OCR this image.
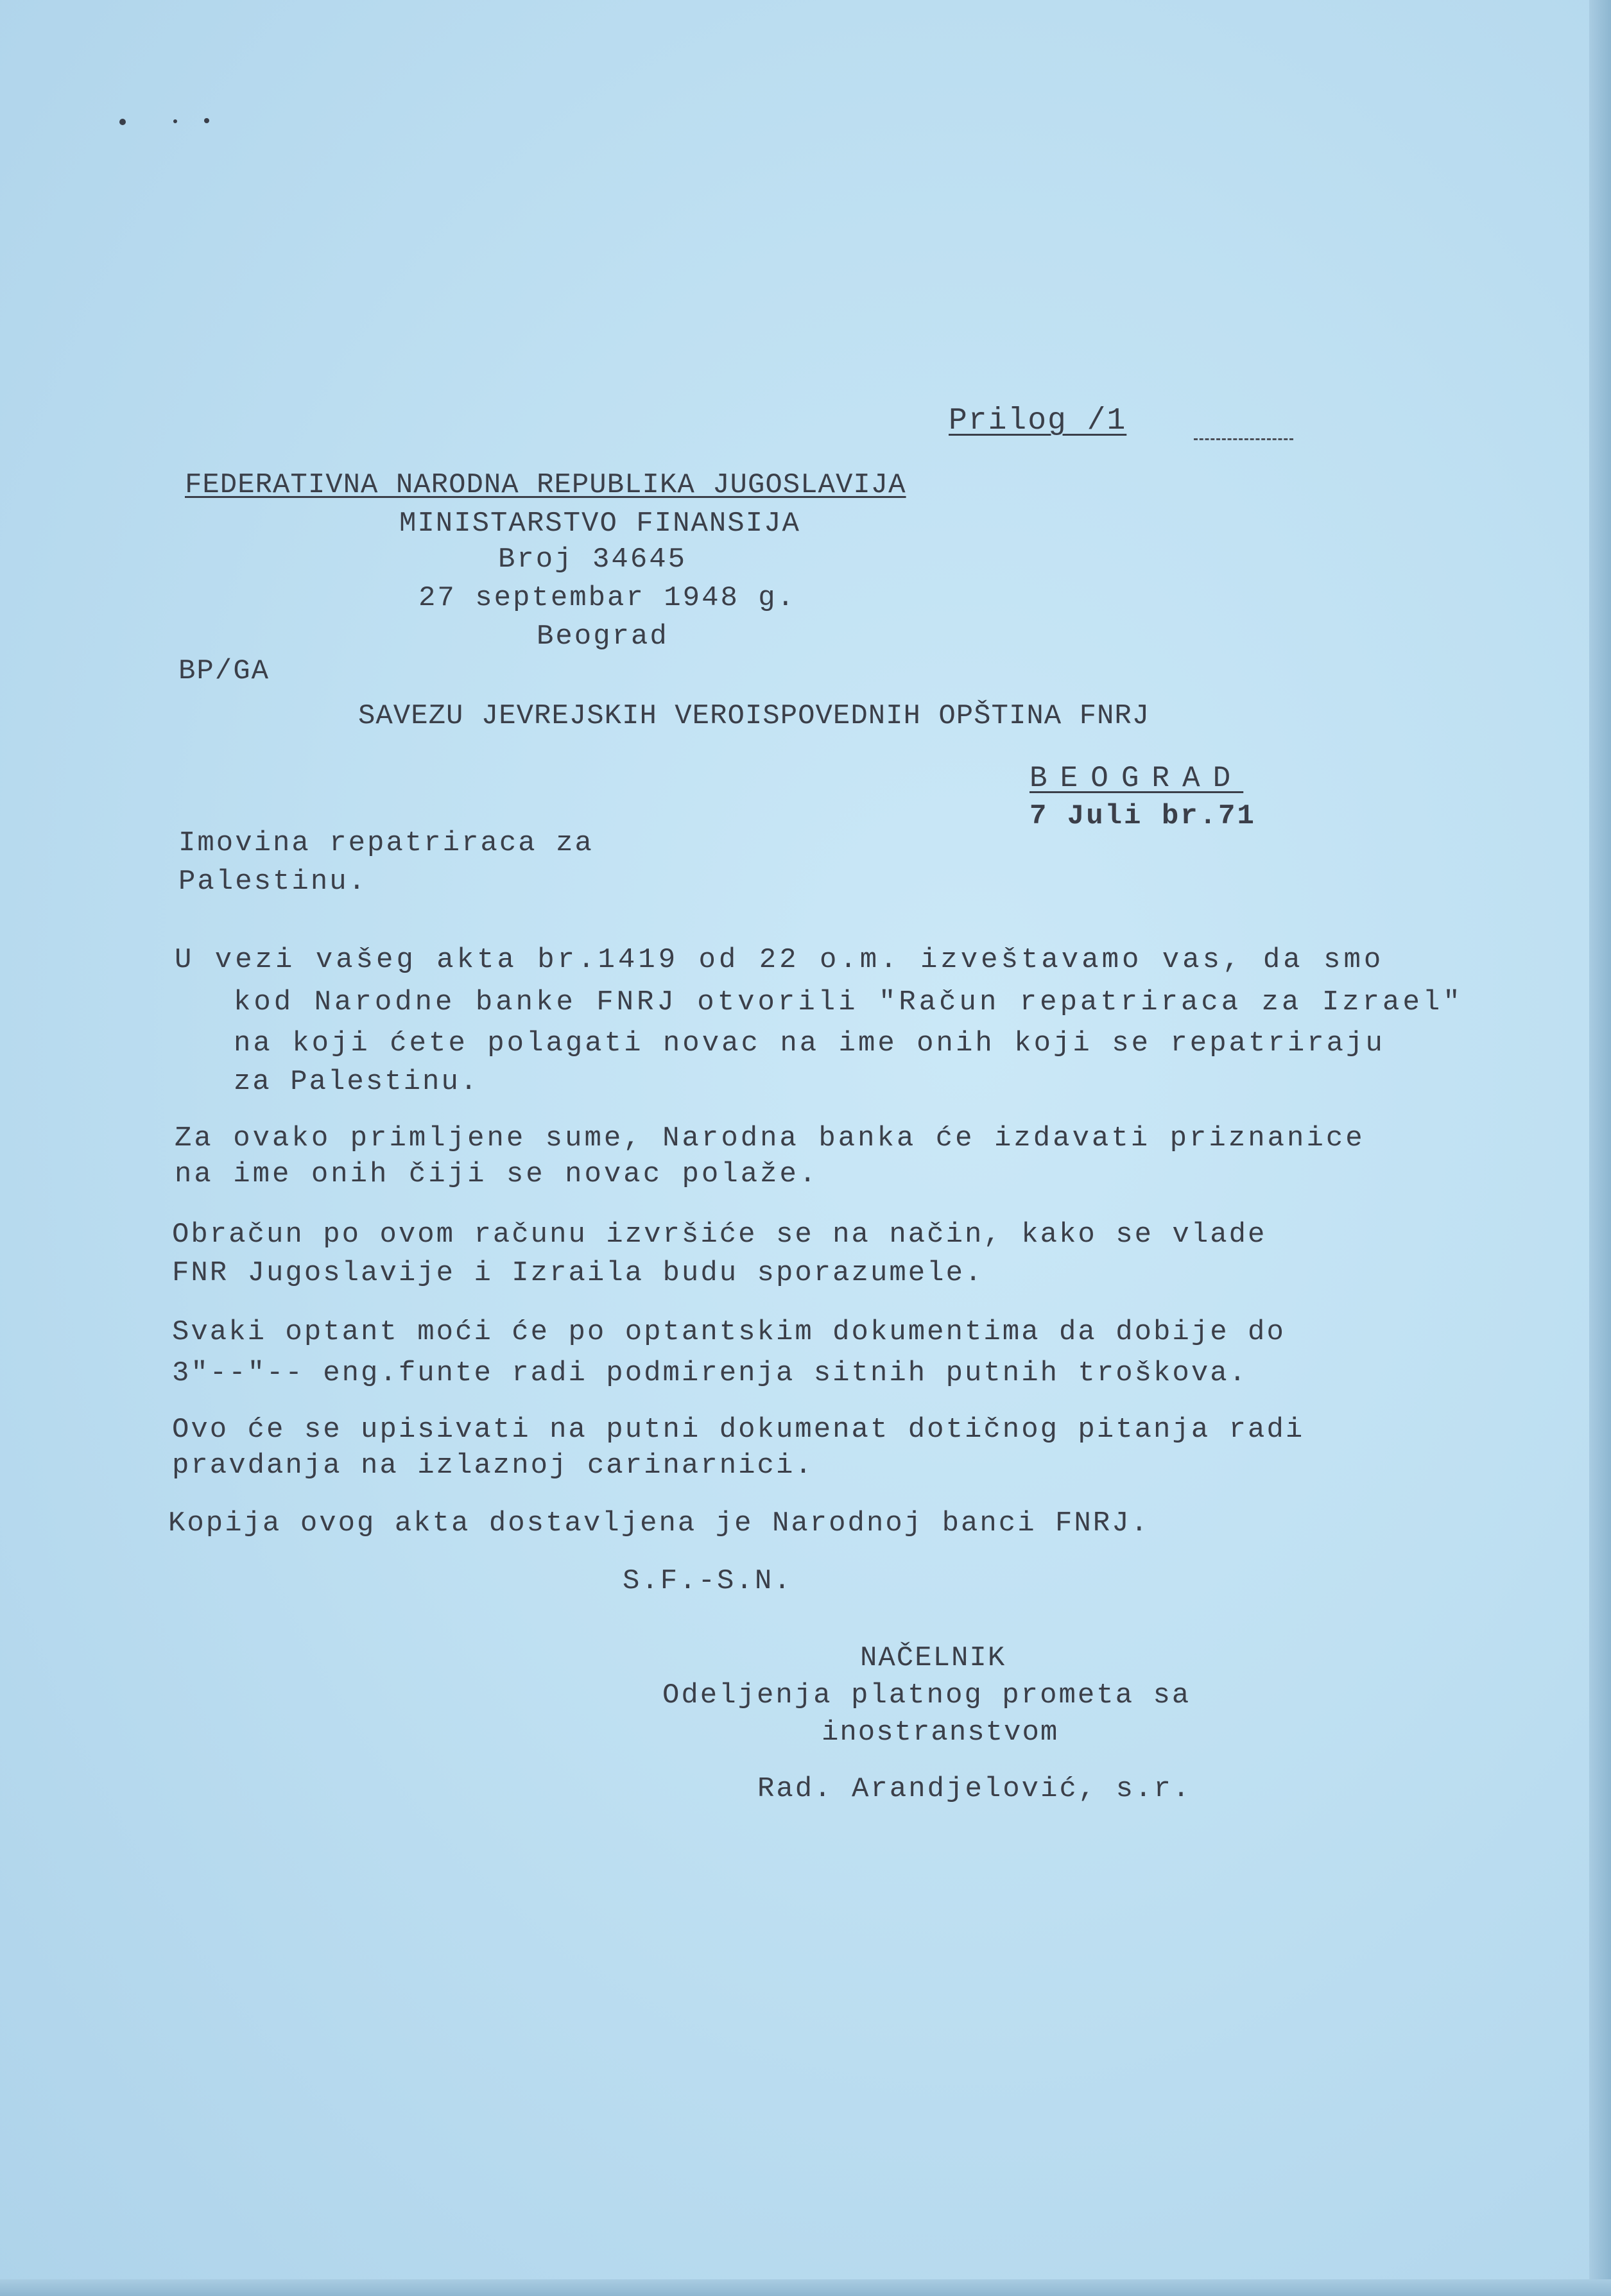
Prilog /1
FEDERATIVNA NARODNA REPUBLIKA JUGOSLAVIJA
MINISTARSTVO FINANSIJA
Broj 34645
27 septembar 1948 g.
Beograd
BP/GA
SAVEZU JEVREJSKIH VEROISPOVEDNIH OPŠTINA FNRJ
BEOGRAD
7 Juli br.71
Imovina repatriraca za
Palestinu.
U vezi vašeg akta br.1419 od 22 o.m. izveštavamo vas, da smo
kod Narodne banke FNRJ otvorili "Račun repatriraca za Izrael"
na koji ćete polagati novac na ime onih koji se repatriraju
za Palestinu.
Za ovako primljene sume, Narodna banka će izdavati priznanice
na ime onih čiji se novac polaže.
Obračun po ovom računu izvršiće se na način, kako se vlade
FNR Jugoslavije i Izraila budu sporazumele.
Svaki optant moći će po optantskim dokumentima da dobije do
3"--"-- eng.funte radi podmirenja sitnih putnih troškova.
Ovo će se upisivati na putni dokumenat dotičnog pitanja radi
pravdanja na izlaznoj carinarnici.
Kopija ovog akta dostavljena je Narodnoj banci FNRJ.
S.F.-S.N.
NAČELNIK
Odeljenja platnog prometa sa
inostranstvom
Rad. Arandjelović, s.r.
